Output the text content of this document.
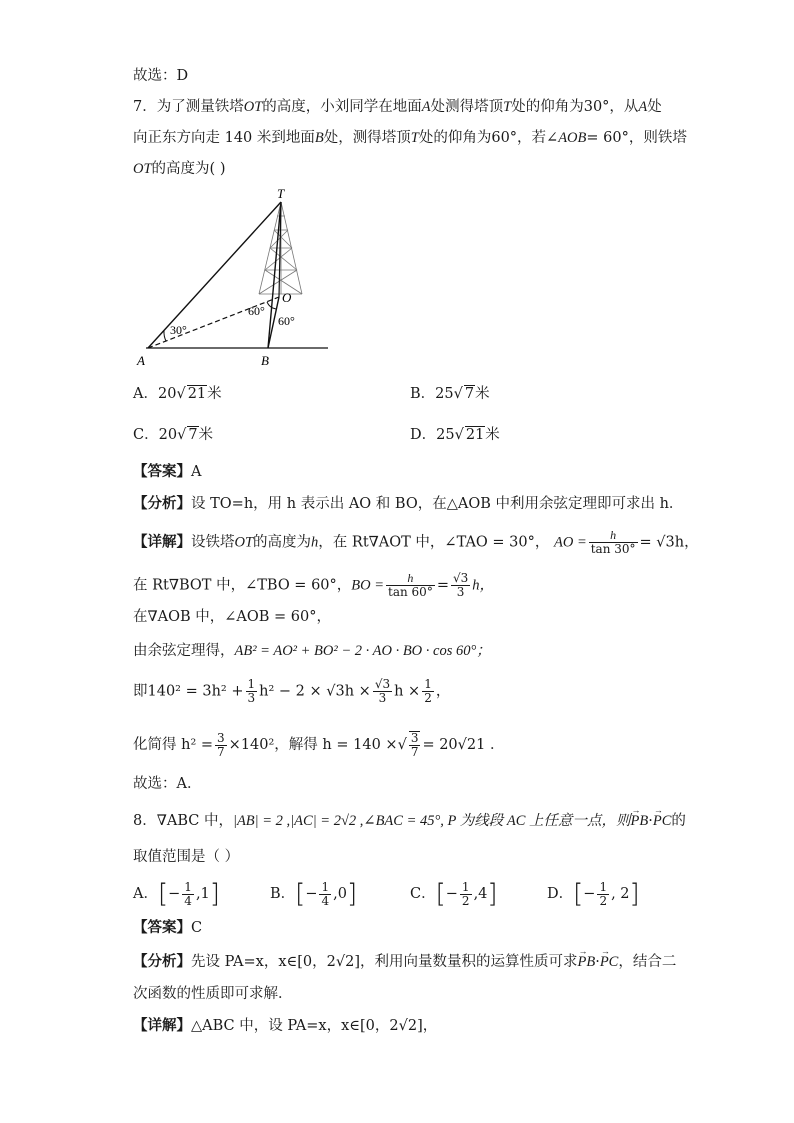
故选：D
7．为了测量铁塔OT的高度，小刘同学在地面A处测得塔顶T处的仰角为30°，从A处
向正东方向走 140 米到地面B处，测得塔顶T处的仰角为60°，若∠AOB= 60°，则铁塔
OT的高度为( )
T
O
A	B
30°
60°
60°
A．20√ 21米	B．25√ 7米
C．20√ 7米	D．25√ 21米
【答案】A
【分析】设 TO=h，用 h 表示出 AO 和 BO，在△AOB 中利用余弦定理即可求出 h．
【详解】设铁塔OT的高度为h，在 Rt∇AOT 中，∠TAO = 30°， AO = $\frac{h}{\tan 30^\circ} = √3h$，
在 Rt∇BOT 中，∠TBO = 60°，BO = $\frac{h}{\tan 60^\circ} = \frac{√3}{3}$ h，
在∇AOB 中，∠AOB = 60°，
由余弦定理得，AB² = AO² + BO² − 2 · AO · BO · cos 60°；
即$140^2 = 3h^2 + \frac{1}{3} h^2 - 2 \times √3h \times \frac{√3}{3}$ $h \times \frac{1}{2}$ ，
化简得 $h^2 = \frac{3}{7} \times 140^2$，解得 h = 140 ×√ $\frac{3}{7} = 20√21$ ．
故选：A．
8．∇ABC 中，|AB| = 2 ,|AC| = 2√2 ,∠BAC = 45°, P 为线段 AC 上任意一点，则→ PB·→ PC的
取值范围是（ ）
A．[− $\frac{1}{4} ,1$]	B．[− $\frac{1}{4} ,0$]	C．[− $\frac{1}{2} ,4$]	D．[− $\frac{1}{2}$ , 2]
【答案】C
【分析】先设 PA=x，x∈[0，2√2]，利用向量数量积的运算性质可求→ PB·→ PC，结合二
次函数的性质即可求解．
【详解】△ABC 中，设 PA=x，x∈[0，2√2]，
